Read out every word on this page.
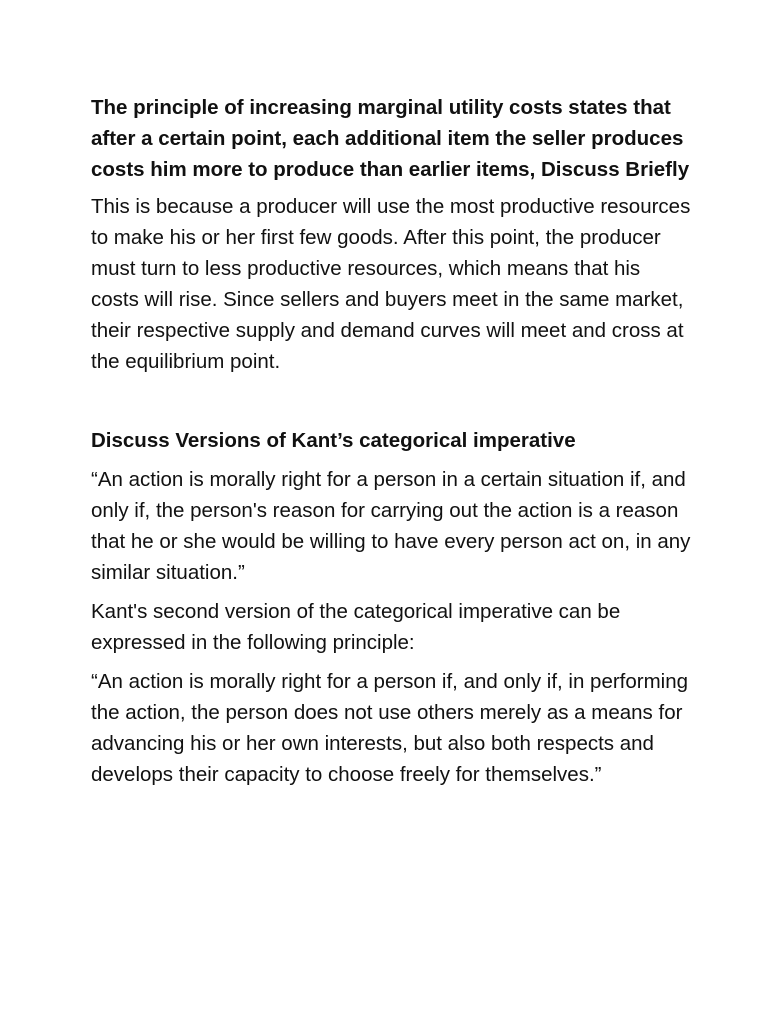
The principle of increasing marginal utility costs states that after a certain point, each additional item the seller produces costs him more to produce than earlier items, Discuss Briefly

This is because a producer will use the most productive resources to make his or her first few goods. After this point, the producer must turn to less productive resources, which means that his costs will rise. Since sellers and buyers meet in the same market, their respective supply and demand curves will meet and cross at the equilibrium point.

Discuss Versions of Kant’s categorical imperative

“An action is morally right for a person in a certain situation if, and only if, the person's reason for carrying out the action is a reason that he or she would be willing to have every person act on, in any similar situation.”

Kant's second version of the categorical imperative can be expressed in the following principle:

“An action is morally right for a person if, and only if, in performing the action, the person does not use others merely as a means for advancing his or her own interests, but also both respects and develops their capacity to choose freely for themselves.”
